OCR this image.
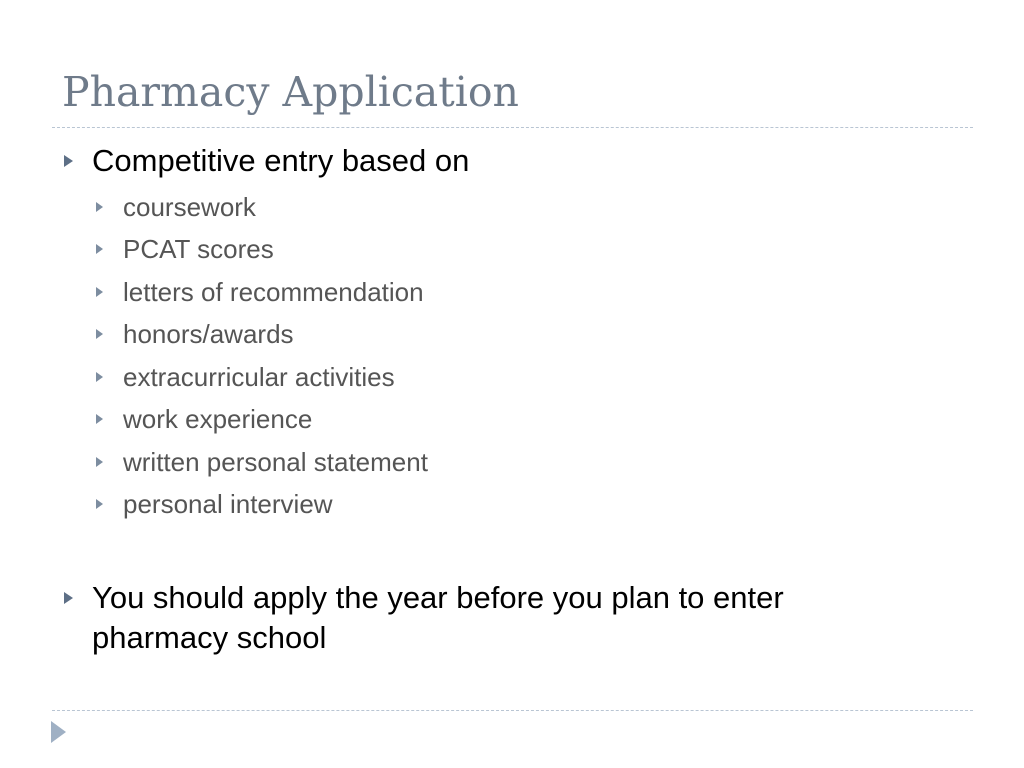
Pharmacy Application
Competitive entry based on
coursework
PCAT scores
letters of recommendation
honors/awards
extracurricular activities
work experience
written personal statement
personal interview
You should apply the year before you plan to enter
pharmacy school
